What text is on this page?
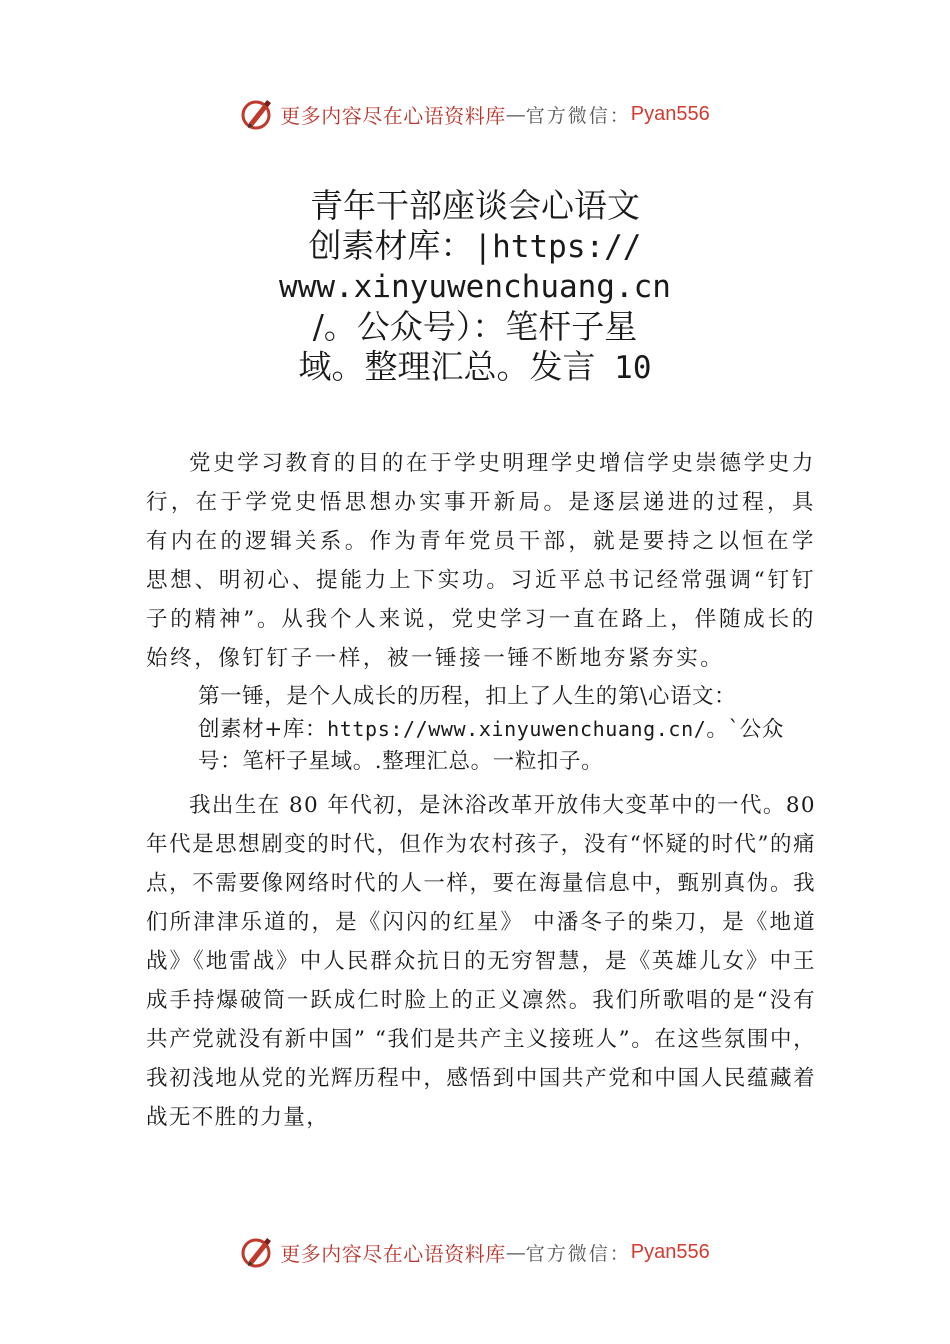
更多内容尽在心语资料库 — 官方微信： Pyan556
青年干部座谈会心语文
创素材库：|https://
www.xinyuwenchuang.cn
/。公众号）：笔杆子星
域。整理汇总。发言 10

党史学习教育的目的在于学史明理学史增信学史崇德学史力行，在于学党史悟思想办实事开新局。是逐层递进的过程，具有内在的逻辑关系。作为青年党员干部，就是要持之以恒在学思想、明初心、提能力上下实功。习近平总书记经常强调“钉钉子的精神”。从我个人来说，党史学习一直在路上，伴随成长的始终，像钉钉子一样，被一锤接一锤不断地夯紧夯实。

第一锤，是个人成长的历程，扣上了人生的第\心语文：
创素材+库：https://www.xinyuwenchuang.cn/。`公众
号：笔杆子星域。.整理汇总。一粒扣子。

我出生在 80 年代初，是沐浴改革开放伟大变革中的一代。80 年代是思想剧变的时代，但作为农村孩子，没有“怀疑的时代”的痛点，不需要像网络时代的人一样，要在海量信息中，甄别真伪。我们所津津乐道的，是《闪闪的红星》 中潘冬子的柴刀，是《地道战》《地雷战》中人民群众抗日的无穷智慧，是《英雄儿女》中王成手持爆破筒一跃成仁时脸上的正义凛然。我们所歌唱的是“没有共产党就没有新中国” “我们是共产主义接班人”。在这些氛围中，我初浅地从党的光辉历程中，感悟到中国共产党和中国人民蕴藏着战无不胜的力量，

更多内容尽在心语资料库 — 官方微信： Pyan556
